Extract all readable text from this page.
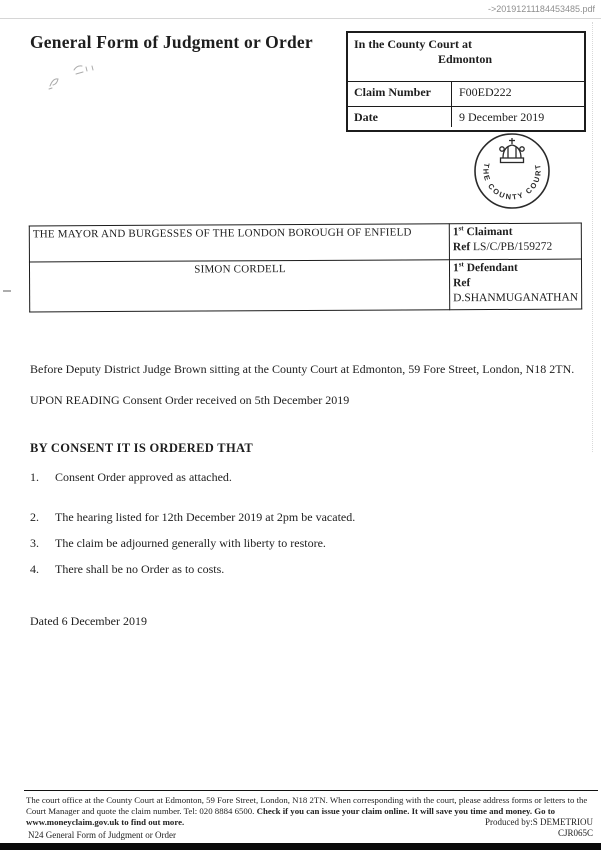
->20191211184453485.pdf
General Form of Judgment or Order	In the County Court at
Edmonton
Claim Number	F00ED222
Date	9 December 2019
THE COUNTY COURT
THE MAYOR AND BURGESSES OF THE LONDON BOROUGH OF ENFIELD	1st Claimant
Ref LS/C/PB/159272

SIMON CORDELL	1st Defendant
Ref
D.SHANMUGANATHAN
Before Deputy District Judge Brown sitting at the County Court at Edmonton, 59 Fore Street, London, N18 2TN.
UPON READING Consent Order received on 5th December 2019
BY CONSENT IT IS ORDERED THAT
1. Consent Order approved as attached.
2. The hearing listed for 12th December 2019 at 2pm be vacated.
3. The claim be adjourned generally with liberty to restore.
4. There shall be no Order as to costs.
Dated 6 December 2019
The court office at the County Court at Edmonton, 59 Fore Street, London, N18 2TN. When corresponding with the court, please address forms or letters to the Court Manager and quote the claim number. Tel: 020 8884 6500. Check if you can issue your claim online. It will save you time and money. Go to www.moneyclaim.gov.uk to find out more.	Produced by:S DEMETRIOU
CJR065C
N24 General Form of Judgment or Order
